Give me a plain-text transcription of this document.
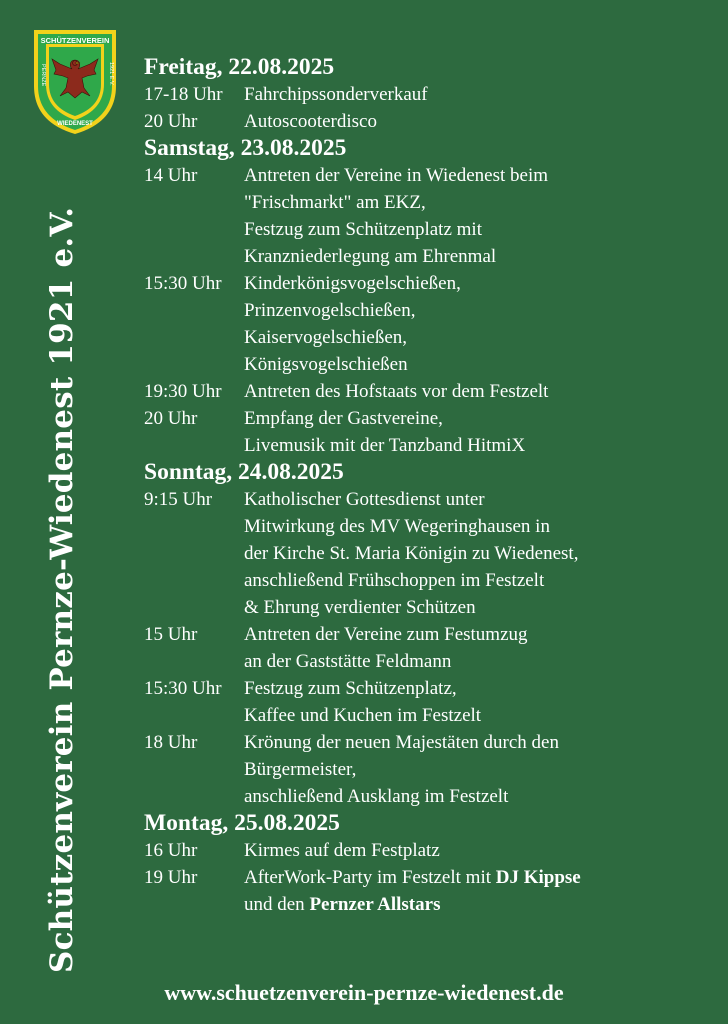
SCHÜTZENVEREIN
PERNZE	1921 E.V.
WIEDENEST
Schützenverein Pernze-Wiedenest 1921 e.V.
Freitag, 22.08.2025
17-18 Uhr	Fahrchipssonderverkauf
20 Uhr	Autoscooterdisco
Samstag, 23.08.2025
14 Uhr	Antreten der Vereine in Wiedenest beim
"Frischmarkt" am EKZ,
Festzug zum Schützenplatz mit
Kranzniederlegung am Ehrenmal
15:30 Uhr	Kinderkönigsvogelschießen,
Prinzenvogelschießen,
Kaiservogelschießen,
Königsvogelschießen
19:30 Uhr	Antreten des Hofstaats vor dem Festzelt
20 Uhr	Empfang der Gastvereine,
Livemusik mit der Tanzband HitmiX
Sonntag, 24.08.2025
9:15 Uhr	Katholischer Gottesdienst unter
Mitwirkung des MV Wegeringhausen in
der Kirche St. Maria Königin zu Wiedenest,
anschließend Frühschoppen im Festzelt
& Ehrung verdienter Schützen
15 Uhr	Antreten der Vereine zum Festumzug
an der Gaststätte Feldmann
15:30 Uhr	Festzug zum Schützenplatz,
Kaffee und Kuchen im Festzelt
18 Uhr	Krönung der neuen Majestäten durch den
Bürgermeister,
anschließend Ausklang im Festzelt
Montag, 25.08.2025
16 Uhr	Kirmes auf dem Festplatz
19 Uhr	AfterWork-Party im Festzelt mit DJ Kippse
und den Pernzer Allstars
www.schuetzenverein-pernze-wiedenest.de
